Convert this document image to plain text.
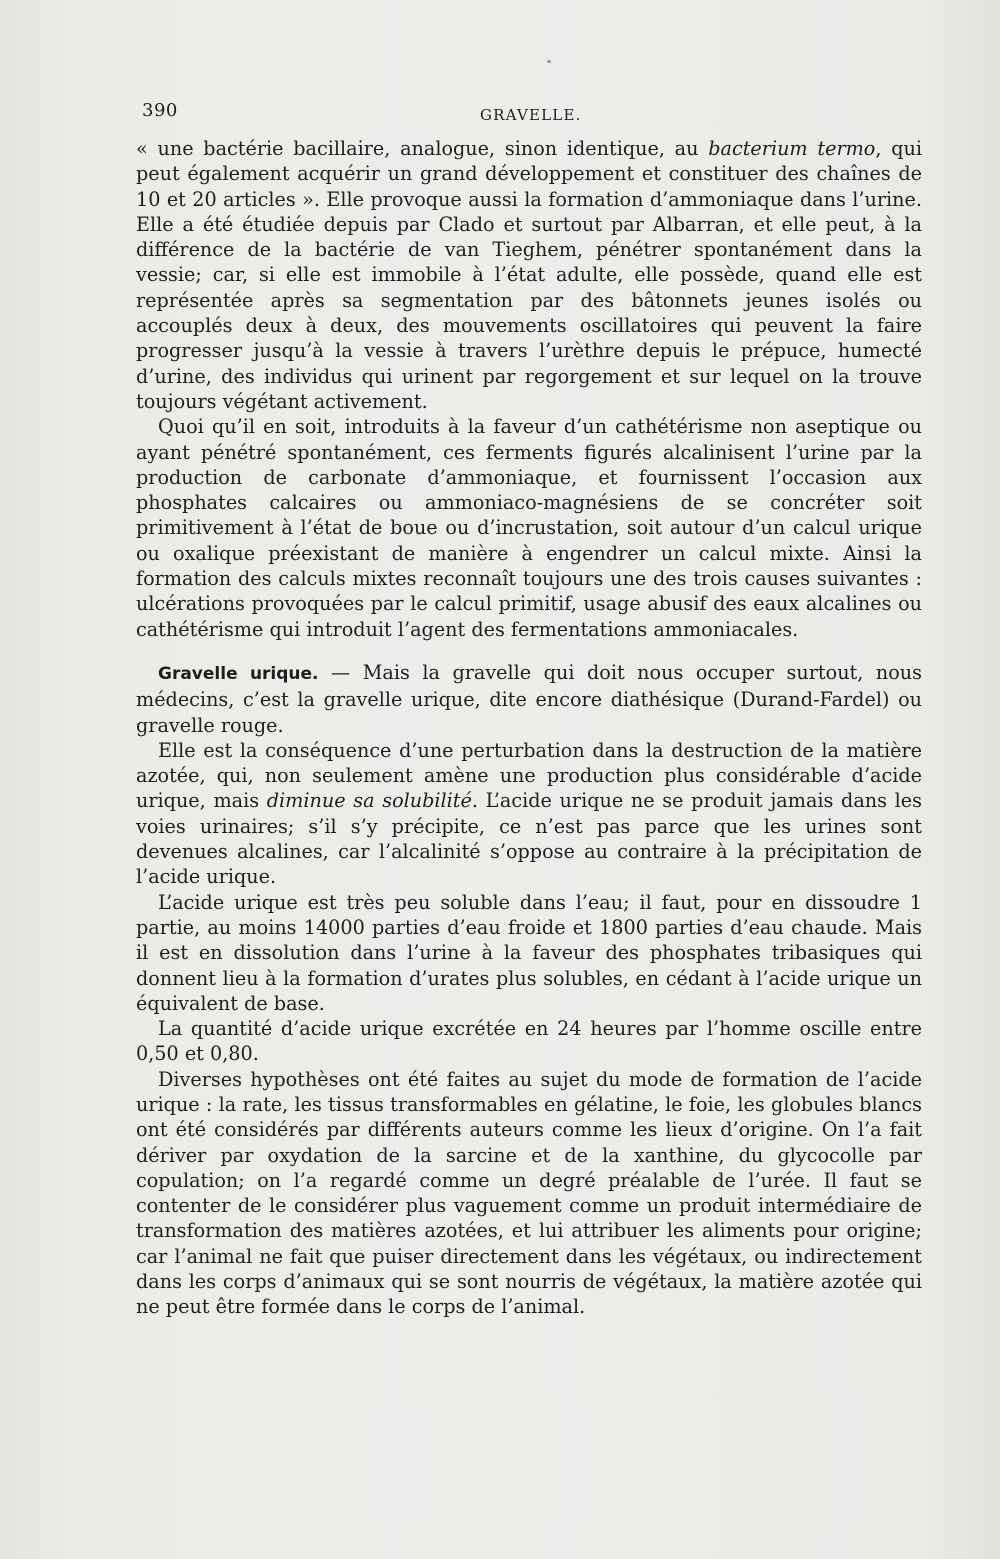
390	GRAVELLE.

« une bactérie bacillaire, analogue, sinon identique, au bacterium termo, qui peut également acquérir un grand développement et constituer des chaînes de 10 et 20 articles ». Elle provoque aussi la formation d’ammoniaque dans l’urine. Elle a été étudiée depuis par Clado et surtout par Albarran, et elle peut, à la différence de la bactérie de van Tieghem, pénétrer spontanément dans la vessie; car, si elle est immobile à l’état adulte, elle possède, quand elle est représentée après sa segmentation par des bâtonnets jeunes isolés ou accouplés deux à deux, des mouvements oscillatoires qui peuvent la faire progresser jusqu’à la vessie à travers l’urèthre depuis le prépuce, humecté d’urine, des individus qui urinent par regorgement et sur lequel on la trouve toujours végétant activement.

Quoi qu’il en soit, introduits à la faveur d’un cathétérisme non aseptique ou ayant pénétré spontanément, ces ferments figurés alcalinisent l’urine par la production de carbonate d’ammoniaque, et fournissent l’occasion aux phosphates calcaires ou ammoniaco-magnésiens de se concréter soit primitivement à l’état de boue ou d’incrustation, soit autour d’un calcul urique ou oxalique préexistant de manière à engendrer un calcul mixte. Ainsi la formation des calculs mixtes reconnaît toujours une des trois causes suivantes : ulcérations provoquées par le calcul primitif, usage abusif des eaux alcalines ou cathétérisme qui introduit l’agent des fermentations ammoniacales.

Gravelle urique. — Mais la gravelle qui doit nous occuper surtout, nous médecins, c’est la gravelle urique, dite encore diathésique (Durand-Fardel) ou gravelle rouge.

Elle est la conséquence d’une perturbation dans la destruction de la matière azotée, qui, non seulement amène une production plus considérable d’acide urique, mais diminue sa solubilité. L’acide urique ne se produit jamais dans les voies urinaires; s’il s’y précipite, ce n’est pas parce que les urines sont devenues alcalines, car l’alcalinité s’oppose au contraire à la précipitation de l’acide urique.

L’acide urique est très peu soluble dans l’eau; il faut, pour en dissoudre 1 partie, au moins 14000 parties d’eau froide et 1800 parties d’eau chaude. Mais il est en dissolution dans l’urine à la faveur des phosphates tribasiques qui donnent lieu à la formation d’urates plus solubles, en cédant à l’acide urique un équivalent de base.

La quantité d’acide urique excrétée en 24 heures par l’homme oscille entre 0,50 et 0,80.

Diverses hypothèses ont été faites au sujet du mode de formation de l’acide urique : la rate, les tissus transformables en gélatine, le foie, les globules blancs ont été considérés par différents auteurs comme les lieux d’origine. On l’a fait dériver par oxydation de la sarcine et de la xanthine, du glycocolle par copulation; on l’a regardé comme un degré préalable de l’urée. Il faut se contenter de le considérer plus vaguement comme un produit intermédiaire de transformation des matières azotées, et lui attribuer les aliments pour origine; car l’animal ne fait que puiser directement dans les végétaux, ou indirectement dans les corps d’animaux qui se sont nourris de végétaux, la matière azotée qui ne peut être formée dans le corps de l’animal.
